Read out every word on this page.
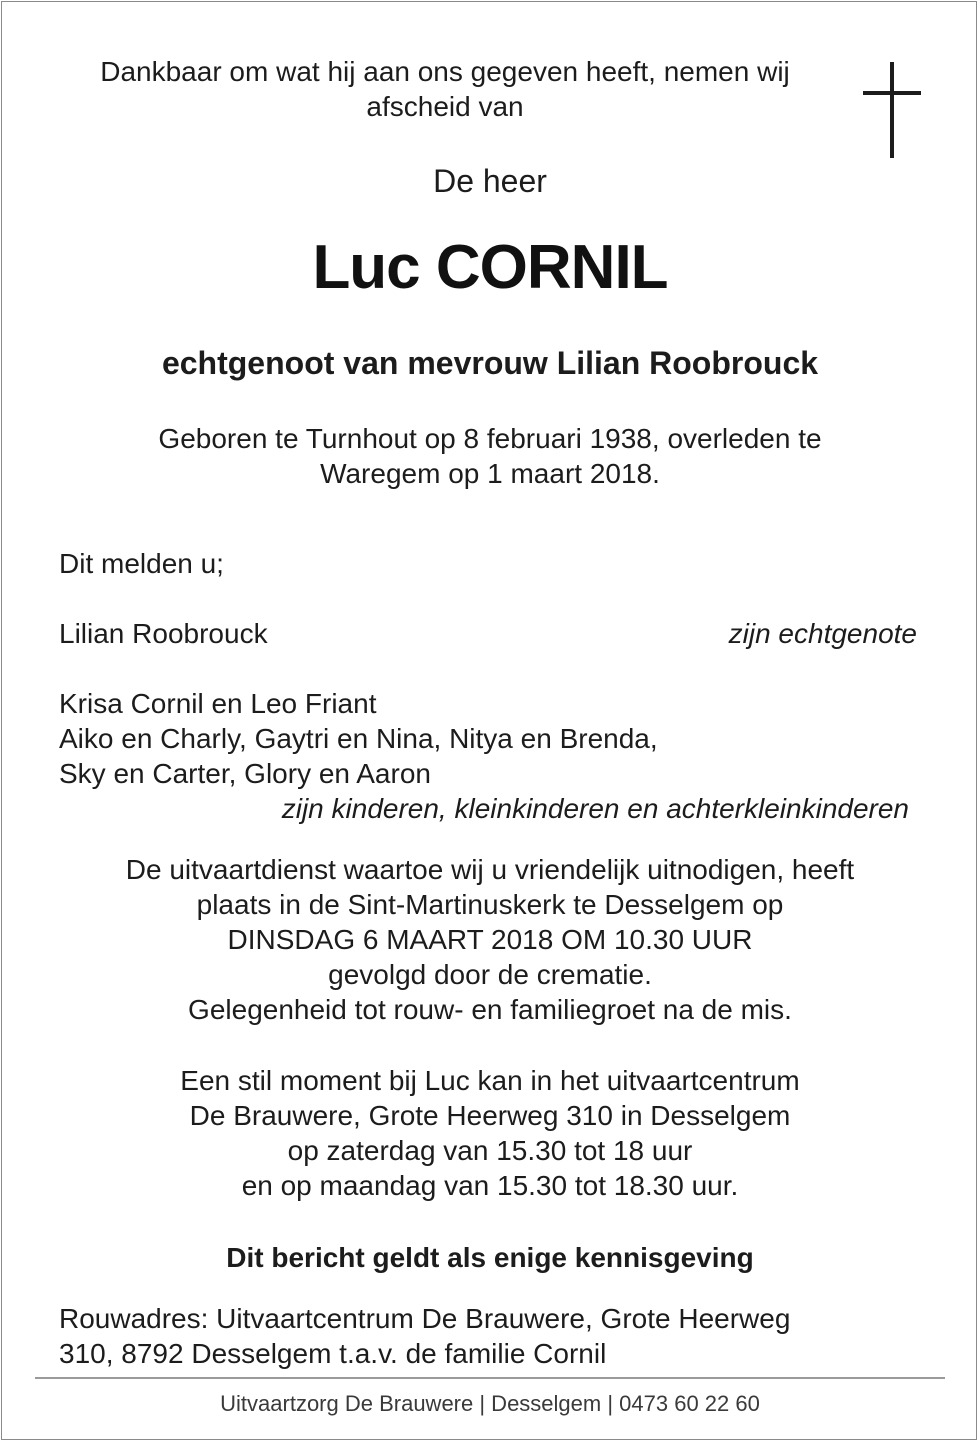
Dankbaar om wat hij aan ons gegeven heeft, nemen wij
afscheid van
De heer
Luc CORNIL
echtgenoot van mevrouw Lilian Roobrouck
Geboren te Turnhout op 8 februari 1938, overleden te
Waregem op 1 maart 2018.
Dit melden u;
Lilian Roobrouck	zijn echtgenote
Krisa Cornil en Leo Friant
Aiko en Charly, Gaytri en Nina, Nitya en Brenda,
Sky en Carter, Glory en Aaron
zijn kinderen, kleinkinderen en achterkleinkinderen
De uitvaartdienst waartoe wij u vriendelijk uitnodigen, heeft
plaats in de Sint-Martinuskerk te Desselgem op
DINSDAG 6 MAART 2018 OM 10.30 UUR
gevolgd door de crematie.
Gelegenheid tot rouw- en familiegroet na de mis.
Een stil moment bij Luc kan in het uitvaartcentrum
De Brauwere, Grote Heerweg 310 in Desselgem
op zaterdag van 15.30 tot 18 uur
en op maandag van 15.30 tot 18.30 uur.
Dit bericht geldt als enige kennisgeving
Rouwadres: Uitvaartcentrum De Brauwere, Grote Heerweg
310, 8792 Desselgem t.a.v. de familie Cornil
Uitvaartzorg De Brauwere | Desselgem | 0473 60 22 60
